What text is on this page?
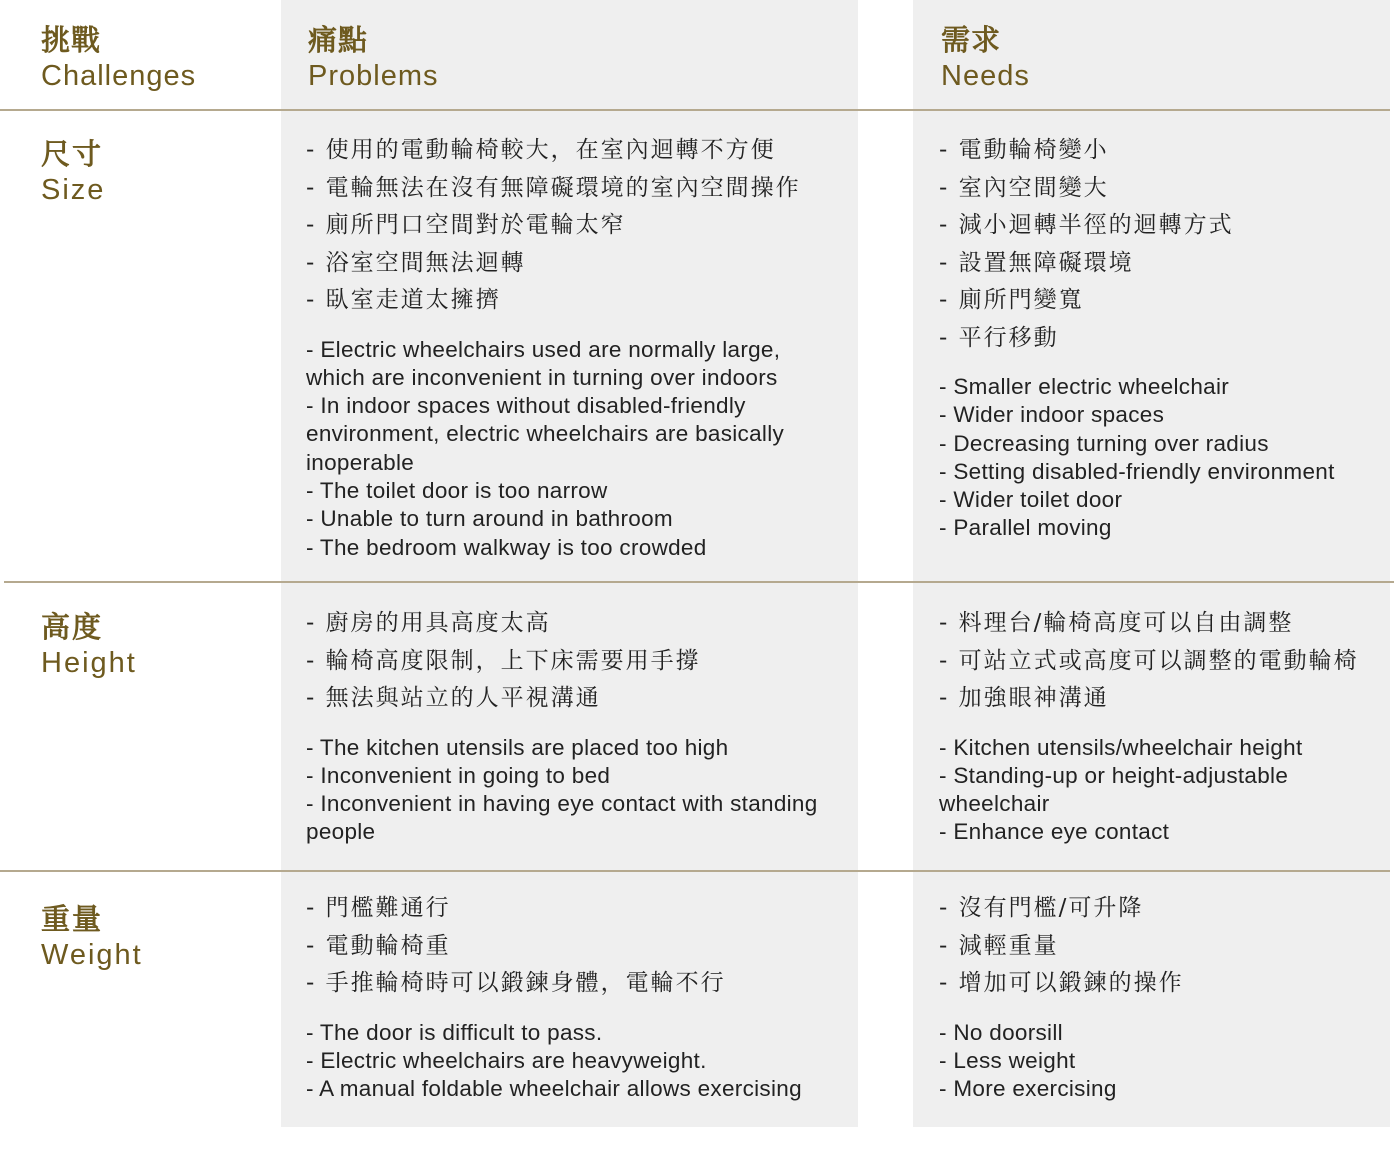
挑戰
Challenges
痛點
Problems
需求
Needs
尺寸
Size
- 使用的電動輪椅較大，在室內迴轉不方便
- 電輪無法在沒有無障礙環境的室內空間操作
- 廁所門口空間對於電輪太窄
- 浴室空間無法迴轉
- 臥室走道太擁擠
- Electric wheelchairs used are normally large, which are inconvenient in turning over indoors
- In indoor spaces without disabled-friendly environment, electric wheelchairs are basically inoperable
- The toilet door is too narrow
- Unable to turn around in bathroom
- The bedroom walkway is too crowded
- 電動輪椅變小
- 室內空間變大
- 減小迴轉半徑的迴轉方式
- 設置無障礙環境
- 廁所門變寬
- 平行移動
- Smaller electric wheelchair
- Wider indoor spaces
- Decreasing turning over radius
- Setting disabled-friendly environment
- Wider toilet door
- Parallel moving
高度
Height
- 廚房的用具高度太高
- 輪椅高度限制，上下床需要用手撐
- 無法與站立的人平視溝通
- The kitchen utensils are placed too high
- Inconvenient in going to bed
- Inconvenient in having eye contact with standing people
- 料理台/輪椅高度可以自由調整
- 可站立式或高度可以調整的電動輪椅
- 加強眼神溝通
- Kitchen utensils/wheelchair height
- Standing-up or height-adjustable wheelchair
- Enhance eye contact
重量
Weight
- 門檻難通行
- 電動輪椅重
- 手推輪椅時可以鍛鍊身體，電輪不行
- The door is difficult to pass.
- Electric wheelchairs are heavyweight.
- A manual foldable wheelchair allows exercising
- 沒有門檻/可升降
- 減輕重量
- 增加可以鍛鍊的操作
- No doorsill
- Less weight
- More exercising
